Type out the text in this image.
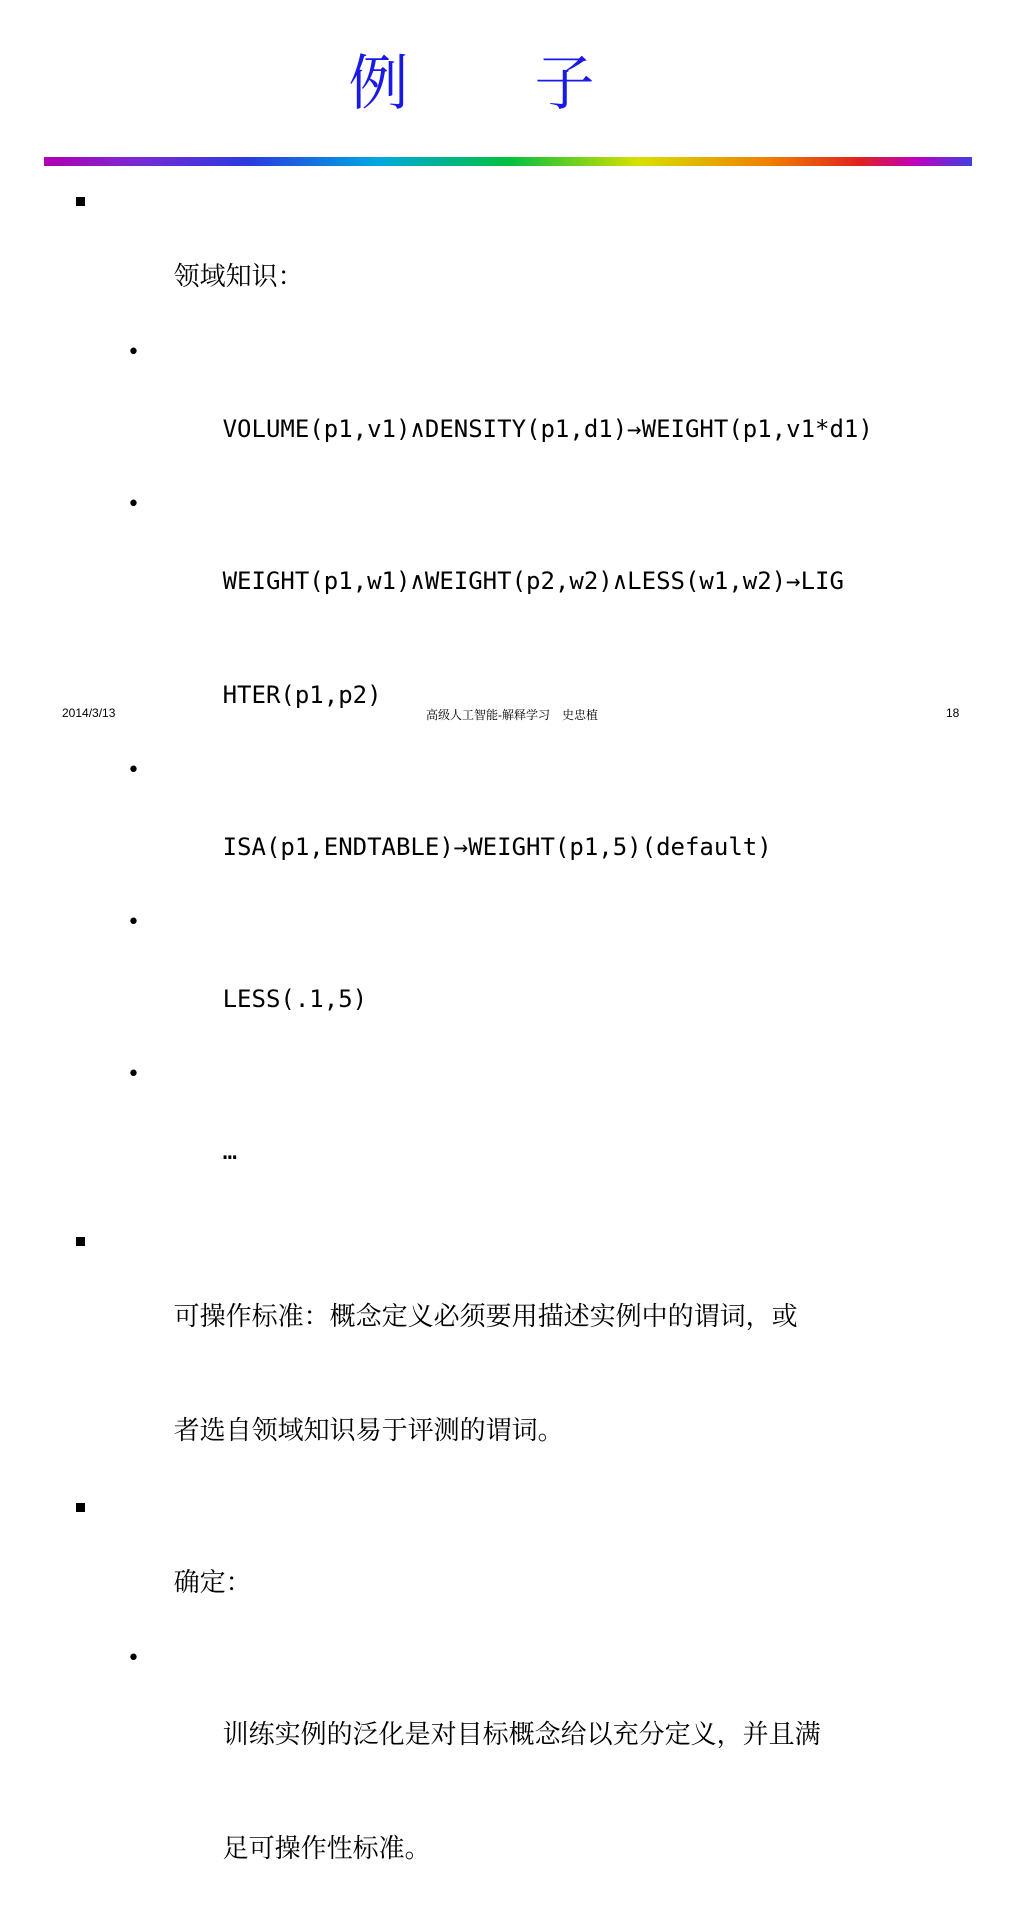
例　　子

领域知识：

•

VOLUME(p1,v1)∧DENSITY(p1,d1)→WEIGHT(p1,v1*d1)

•

WEIGHT(p1,w1)∧WEIGHT(p2,w2)∧LESS(w1,w2)→LIG

HTER(p1,p2)

•

ISA(p1,ENDTABLE)→WEIGHT(p1,5)(default)

•

LESS(.1,5)

•

…

可操作标准：概念定义必须要用描述实例中的谓词，或

者选自领域知识易于评测的谓词。

确定：

•

训练实例的泛化是对目标概念给以充分定义，并且满

足可操作性标准。

2014/3/13	高级人工智能-解释学习　史忠植	18
